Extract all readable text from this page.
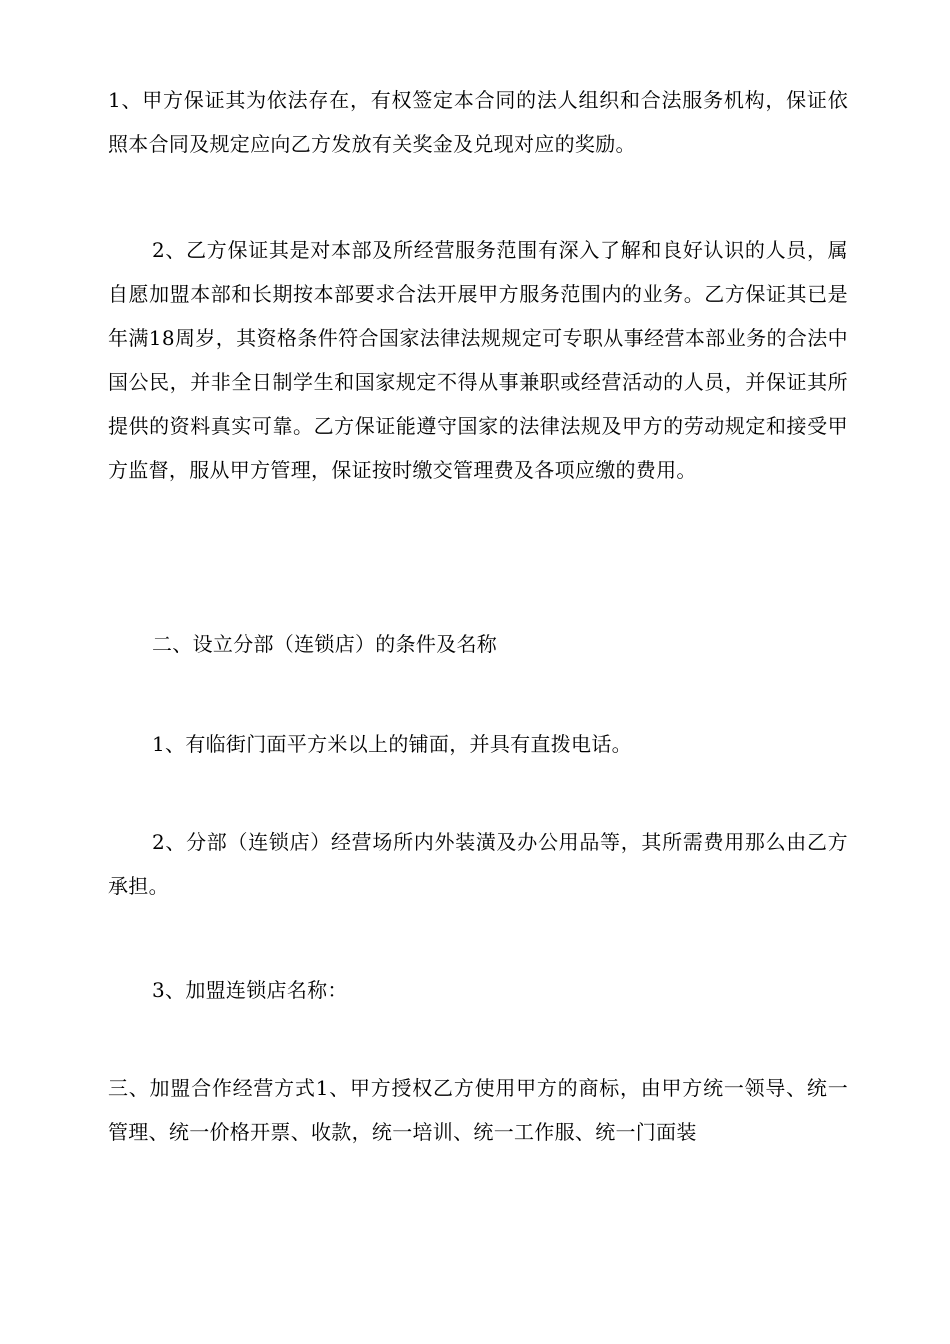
1、甲方保证其为依法存在，有权签定本合同的法人组织和合法服务机构，保证依照本合同及规定应向乙方发放有关奖金及兑现对应的奖励。

2、乙方保证其是对本部及所经营服务范围有深入了解和良好认识的人员，属自愿加盟本部和长期按本部要求合法开展甲方服务范围内的业务。乙方保证其已是年满18周岁，其资格条件符合国家法律法规规定可专职从事经营本部业务的合法中国公民，并非全日制学生和国家规定不得从事兼职或经营活动的人员，并保证其所提供的资料真实可靠。乙方保证能遵守国家的法律法规及甲方的劳动规定和接受甲方监督，服从甲方管理，保证按时缴交管理费及各项应缴的费用。

二、设立分部（连锁店）的条件及名称

1、有临街门面平方米以上的铺面，并具有直拨电话。

2、分部（连锁店）经营场所内外装潢及办公用品等，其所需费用那么由乙方承担。

3、加盟连锁店名称：

三、加盟合作经营方式1、甲方授权乙方使用甲方的商标，由甲方统一领导、统一管理、统一价格开票、收款，统一培训、统一工作服、统一门面装
